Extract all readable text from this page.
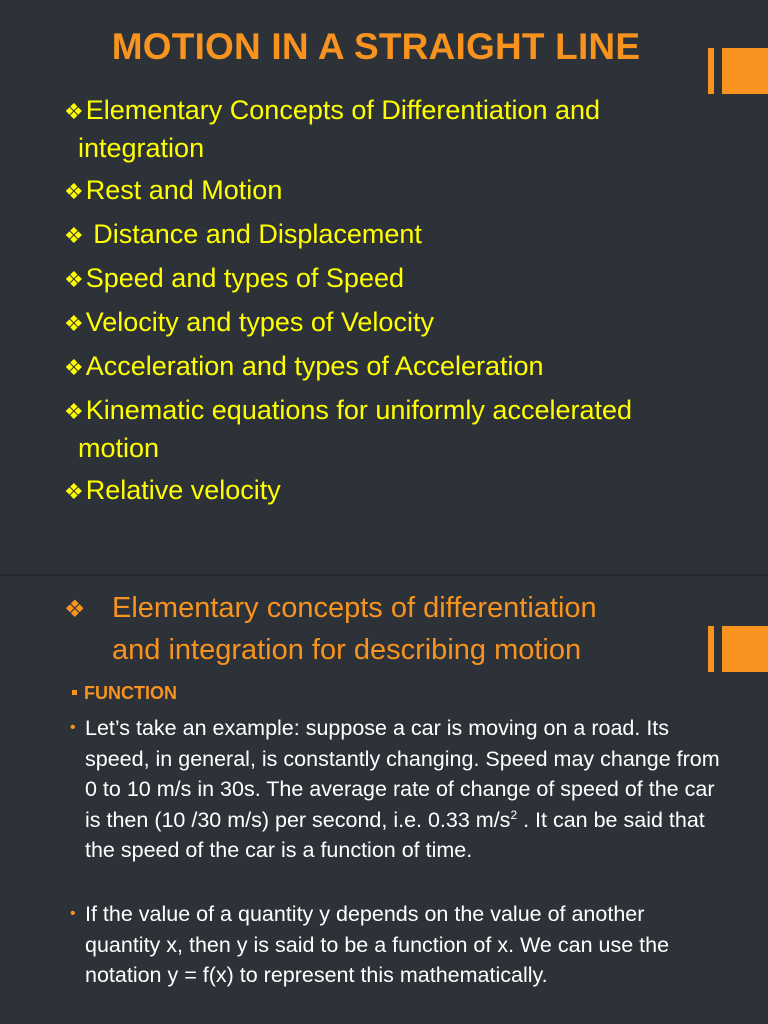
MOTION IN A STRAIGHT LINE
❖Elementary Concepts of Differentiation and integration
❖Rest and Motion
❖ Distance and Displacement
❖Speed and types of Speed
❖Velocity and types of Velocity
❖Acceleration and types of Acceleration
❖Kinematic equations for uniformly accelerated motion
❖Relative velocity
❖ Elementary concepts of differentiation
and integration for describing motion
FUNCTION
• Let’s take an example: suppose a car is moving on a road. Its speed, in general, is constantly changing. Speed may change from 0 to 10 m/s in 30s. The average rate of change of speed of the car is then (10 /30 m/s) per second, i.e. 0.33 $m/s^2$ . It can be said that the speed of the car is a function of time.
• If the value of a quantity y depends on the value of another quantity x, then y is said to be a function of x. We can use the notation y = f(x) to represent this mathematically.
